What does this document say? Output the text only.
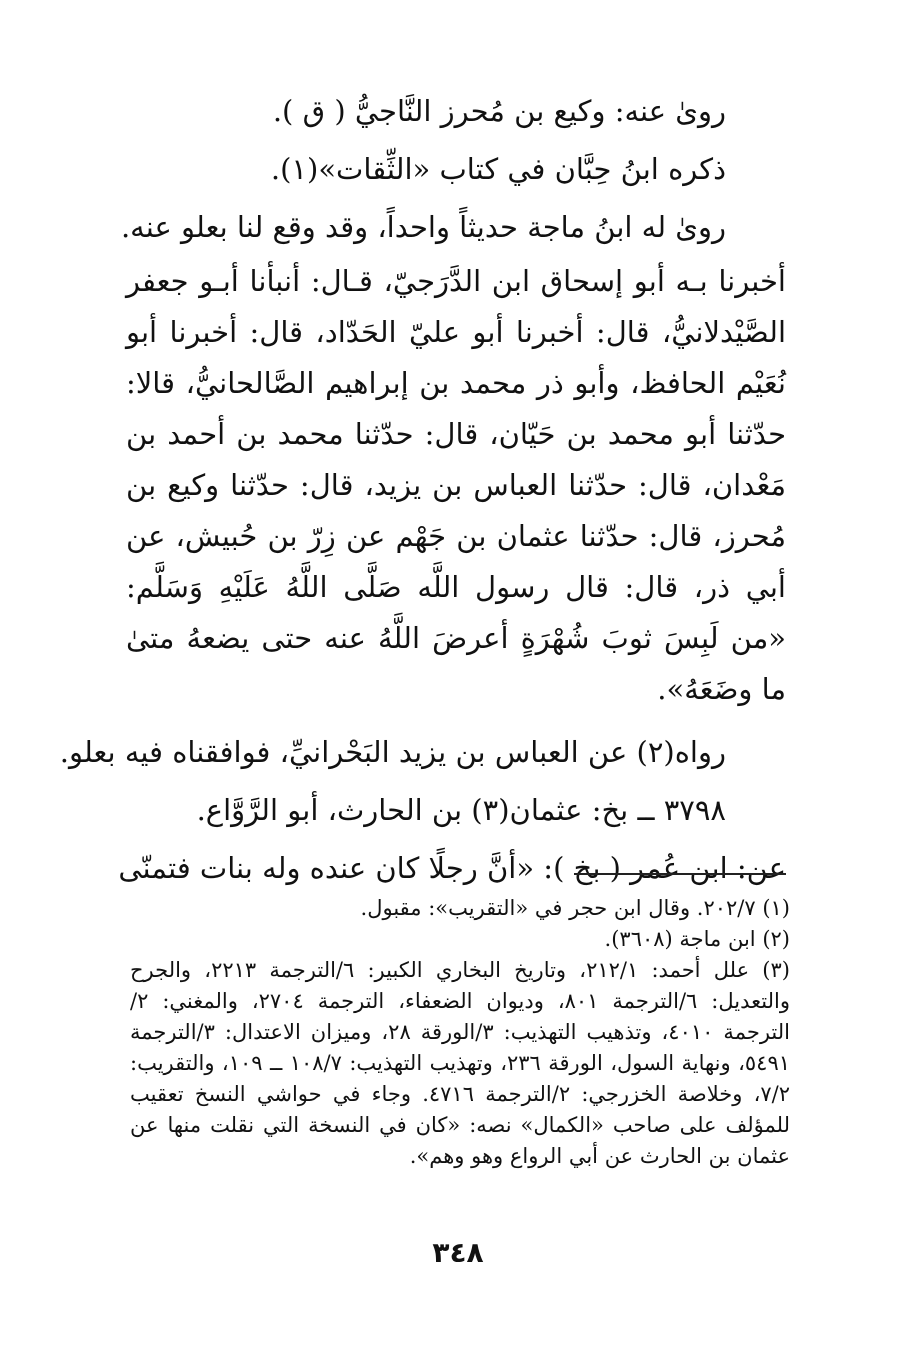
روىٰ عنه: وكيع بن مُحرز النَّاجيُّ ( ق ).

ذكره ابنُ حِبَّان في كتاب «الثِّقات»(١).

روىٰ له ابنُ ماجة حديثاً واحداً، وقد وقع لنا بعلو عنه.

أخبرنا بـه أبو إسحاق ابن الدَّرَجيّ، قـال: أنبأنا أبـو جعفر الصَّيْدلانيُّ، قال: أخبرنا أبو عليّ الحَدّاد، قال: أخبرنا أبو نُعَيْم الحافظ، وأبو ذر محمد بن إبراهيم الصَّالحانيُّ، قالا: حدّثنا أبو محمد بن حَيّان، قال: حدّثنا محمد بن أحمد بن مَعْدان، قال: حدّثنا العباس بن يزيد، قال: حدّثنا وكيع بن مُحرز، قال: حدّثنا عثمان بن جَهْم عن زِرّ بن حُبيش، عن أبي ذر، قال: قال رسول اللَّه صَلَّى اللَّهُ عَلَيْهِ وَسَلَّم: «من لَبِسَ ثوبَ شُهْرَةٍ أعرضَ اللَّهُ عنه حتى يضعهُ متىٰ ما وضَعَهُ».

رواه(٢) عن العباس بن يزيد البَحْرانيِّ، فوافقناه فيه بعلو.

٣٧٩٨ ــ بخ: عثمان(٣) بن الحارث، أبو الرَّوَّاع.

عن: ابن عُمر ( بخ ): «أنَّ رجلًا كان عنده وله بنات فتمنّى

(١) ٢٠٢/٧. وقال ابن حجر في «التقريب»: مقبول.

(٢) ابن ماجة (٣٦٠٨).

(٣) علل أحمد: ٢١٢/١، وتاريخ البخاري الكبير: ٦/الترجمة ٢٢١٣، والجرح والتعديل: ٦/الترجمة ٨٠١، وديوان الضعفاء، الترجمة ٢٧٠٤، والمغني: ٢/الترجمة ٤٠١٠، وتذهيب التهذيب: ٣/الورقة ٢٨، وميزان الاعتدال: ٣/الترجمة ٥٤٩١، ونهاية السول، الورقة ٢٣٦، وتهذيب التهذيب: ١٠٨/٧ ــ ١٠٩، والتقريب: ٧/٢، وخلاصة الخزرجي: ٢/الترجمة ٤٧١٦. وجاء في حواشي النسخ تعقيب للمؤلف على صاحب «الكمال» نصه: «كان في النسخة التي نقلت منها عن عثمان بن الحارث عن أبي الرواع وهو وهم».

٣٤٨
